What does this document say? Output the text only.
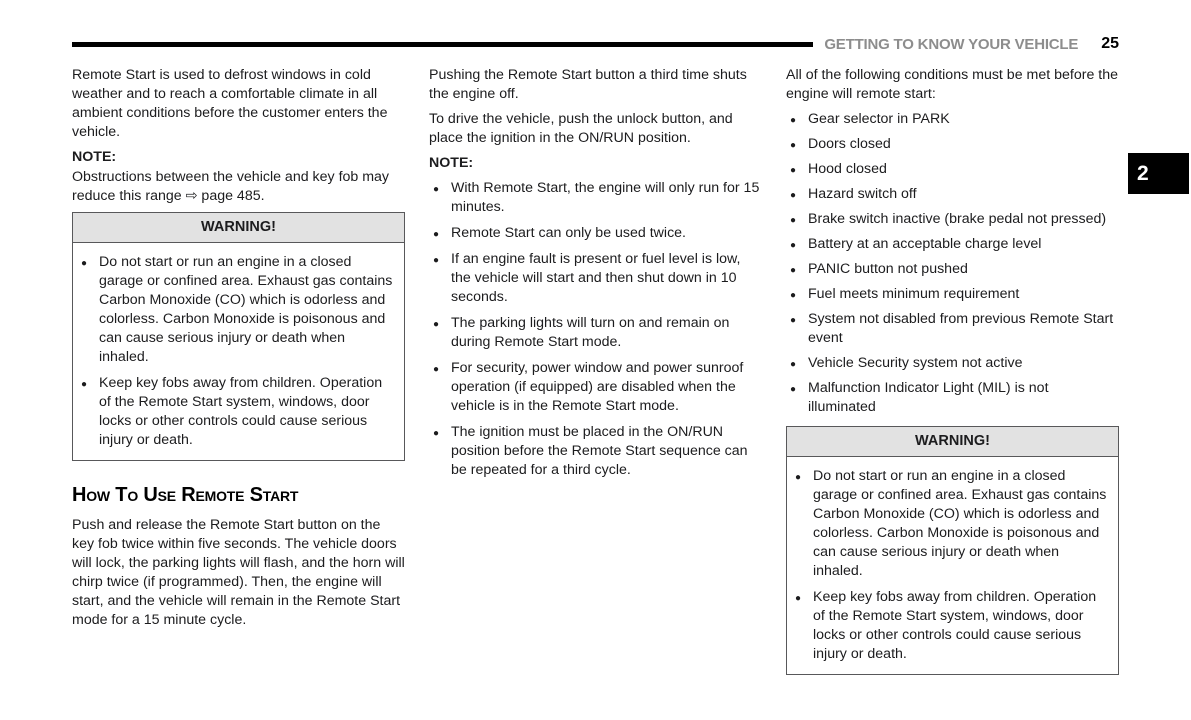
GETTING TO KNOW YOUR VEHICLE 25
2

Remote Start is used to defrost windows in cold weather and to reach a comfortable climate in all ambient conditions before the customer enters the vehicle.

NOTE:

Obstructions between the vehicle and key fob may reduce this range ⇨ page 485.

WARNING!
● Do not start or run an engine in a closed garage or confined area. Exhaust gas contains Carbon Monoxide (CO) which is odorless and colorless. Carbon Monoxide is poisonous and can cause serious injury or death when inhaled.
● Keep key fobs away from children. Operation of the Remote Start system, windows, door locks or other controls could cause serious injury or death.
How To Use Remote Start

Push and release the Remote Start button on the key fob twice within five seconds. The vehicle doors will lock, the parking lights will flash, and the horn will chirp twice (if programmed). Then, the engine will start, and the vehicle will remain in the Remote Start mode for a 15 minute cycle.

Pushing the Remote Start button a third time shuts the engine off.

To drive the vehicle, push the unlock button, and place the ignition in the ON/RUN position.

NOTE:

● With Remote Start, the engine will only run for 15 minutes.
● Remote Start can only be used twice.
● If an engine fault is present or fuel level is low, the vehicle will start and then shut down in 10 seconds.
● The parking lights will turn on and remain on during Remote Start mode.
● For security, power window and power sunroof operation (if equipped) are disabled when the vehicle is in the Remote Start mode.
● The ignition must be placed in the ON/RUN position before the Remote Start sequence can be repeated for a third cycle.

All of the following conditions must be met before the engine will remote start:

● Gear selector in PARK
● Doors closed
● Hood closed
● Hazard switch off
● Brake switch inactive (brake pedal not pressed)
● Battery at an acceptable charge level
● PANIC button not pushed
● Fuel meets minimum requirement
● System not disabled from previous Remote Start event
● Vehicle Security system not active
● Malfunction Indicator Light (MIL) is not illuminated
WARNING!
● Do not start or run an engine in a closed garage or confined area. Exhaust gas contains Carbon Monoxide (CO) which is odorless and colorless. Carbon Monoxide is poisonous and can cause serious injury or death when inhaled.
● Keep key fobs away from children. Operation of the Remote Start system, windows, door locks or other controls could cause serious injury or death.
